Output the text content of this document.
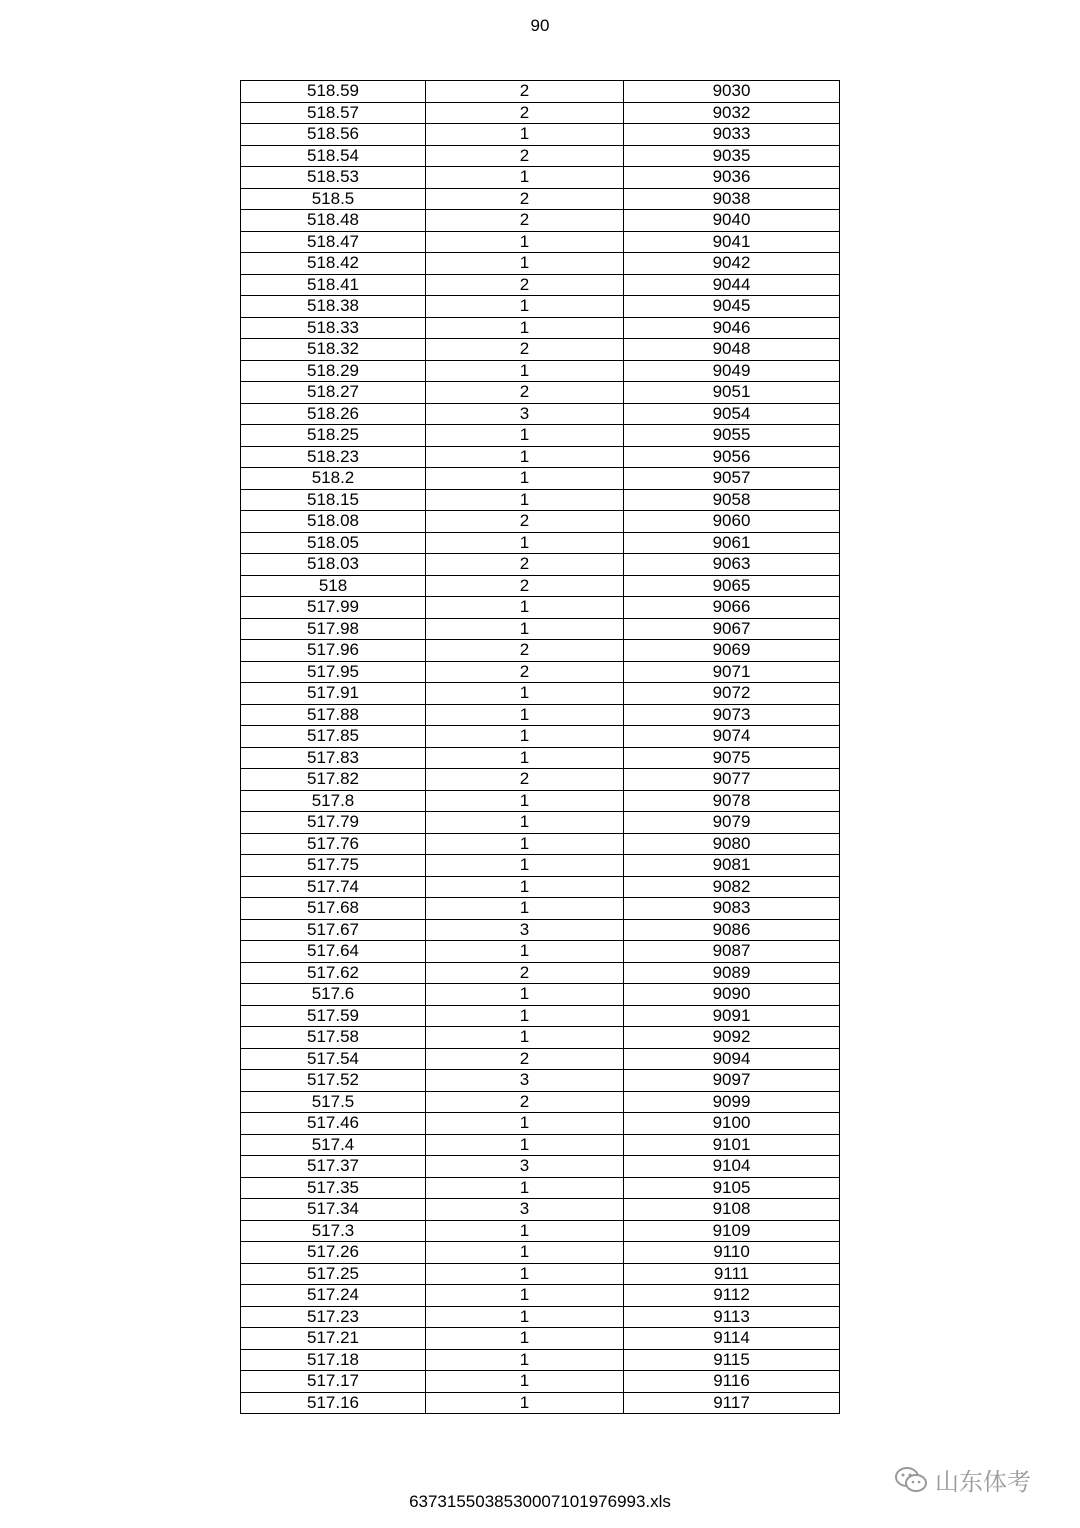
90
518.59	2	9030
518.57	2	9032
518.56	1	9033
518.54	2	9035
518.53	1	9036
518.5	2	9038
518.48	2	9040
518.47	1	9041
518.42	1	9042
518.41	2	9044
518.38	1	9045
518.33	1	9046
518.32	2	9048
518.29	1	9049
518.27	2	9051
518.26	3	9054
518.25	1	9055
518.23	1	9056
518.2	1	9057
518.15	1	9058
518.08	2	9060
518.05	1	9061
518.03	2	9063
518	2	9065
517.99	1	9066
517.98	1	9067
517.96	2	9069
517.95	2	9071
517.91	1	9072
517.88	1	9073
517.85	1	9074
517.83	1	9075
517.82	2	9077
517.8	1	9078
517.79	1	9079
517.76	1	9080
517.75	1	9081
517.74	1	9082
517.68	1	9083
517.67	3	9086
517.64	1	9087
517.62	2	9089
517.6	1	9090
517.59	1	9091
517.58	1	9092
517.54	2	9094
517.52	3	9097
517.5	2	9099
517.46	1	9100
517.4	1	9101
517.37	3	9104
517.35	1	9105
517.34	3	9108
517.3	1	9109
517.26	1	9110
517.25	1	9111
517.24	1	9112
517.23	1	9113
517.21	1	9114
517.18	1	9115
517.17	1	9116
517.16	1	9117
6373155038530007101976993.xls
山东体考
